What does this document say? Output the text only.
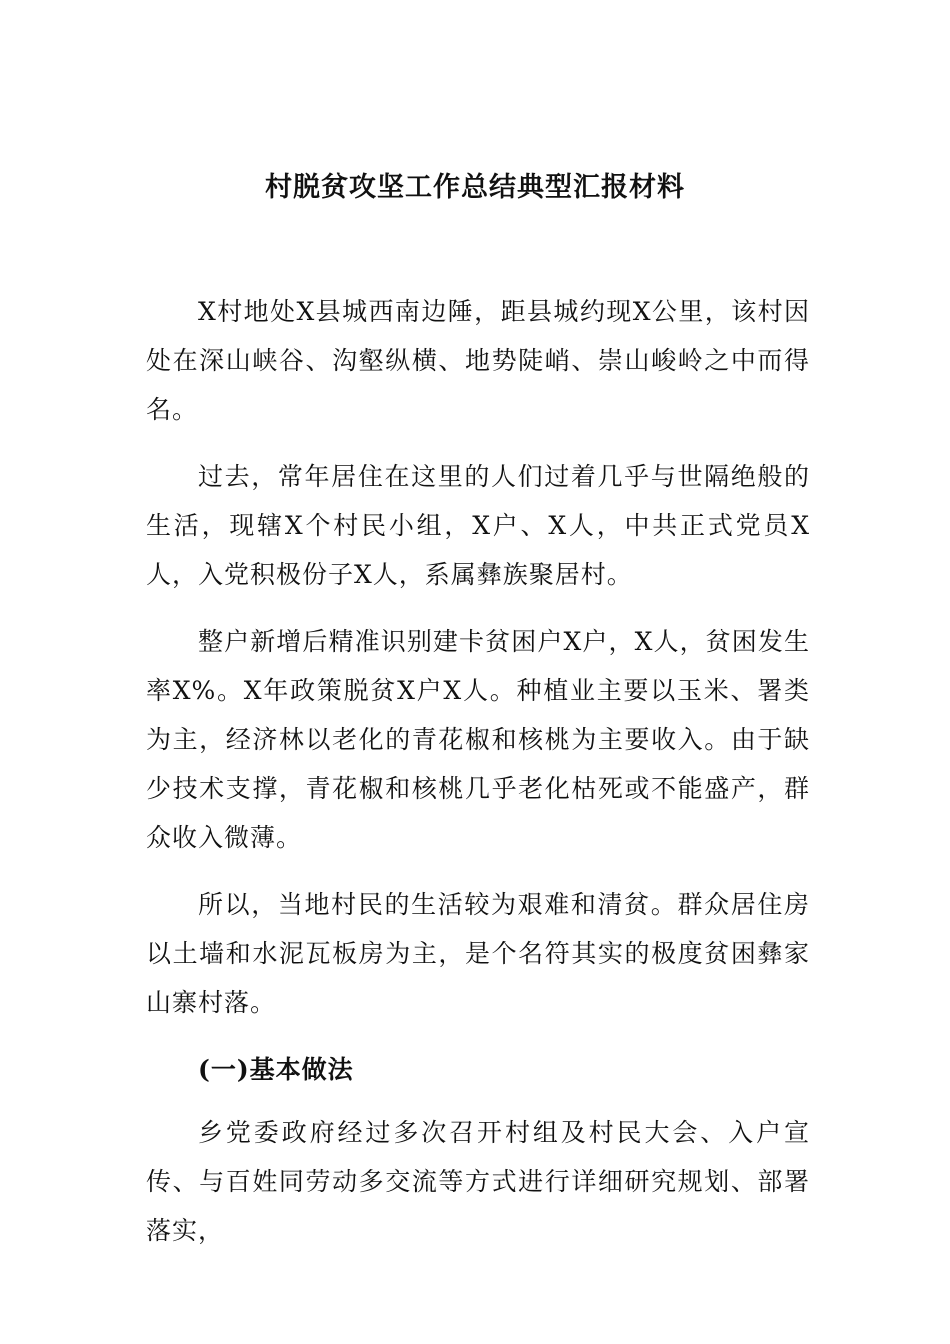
村脱贫攻坚工作总结典型汇报材料

X村地处X县城西南边陲，距县城约现X公里，该村因处在深山峡谷、沟壑纵横、地势陡峭、崇山峻岭之中而得名。

过去，常年居住在这里的人们过着几乎与世隔绝般的生活，现辖X个村民小组，X户、X人，中共正式党员X人，入党积极份子X人，系属彝族聚居村。

整户新增后精准识别建卡贫困户X户，X人，贫困发生率X%。X年政策脱贫X户X人。种植业主要以玉米、署类为主，经济林以老化的青花椒和核桃为主要收入。由于缺少技术支撑，青花椒和核桃几乎老化枯死或不能盛产，群众收入微薄。

所以，当地村民的生活较为艰难和清贫。群众居住房以土墙和水泥瓦板房为主，是个名符其实的极度贫困彝家山寨村落。

(一)基本做法

乡党委政府经过多次召开村组及村民大会、入户宣传、与百姓同劳动多交流等方式进行详细研究规划、部署落实，
